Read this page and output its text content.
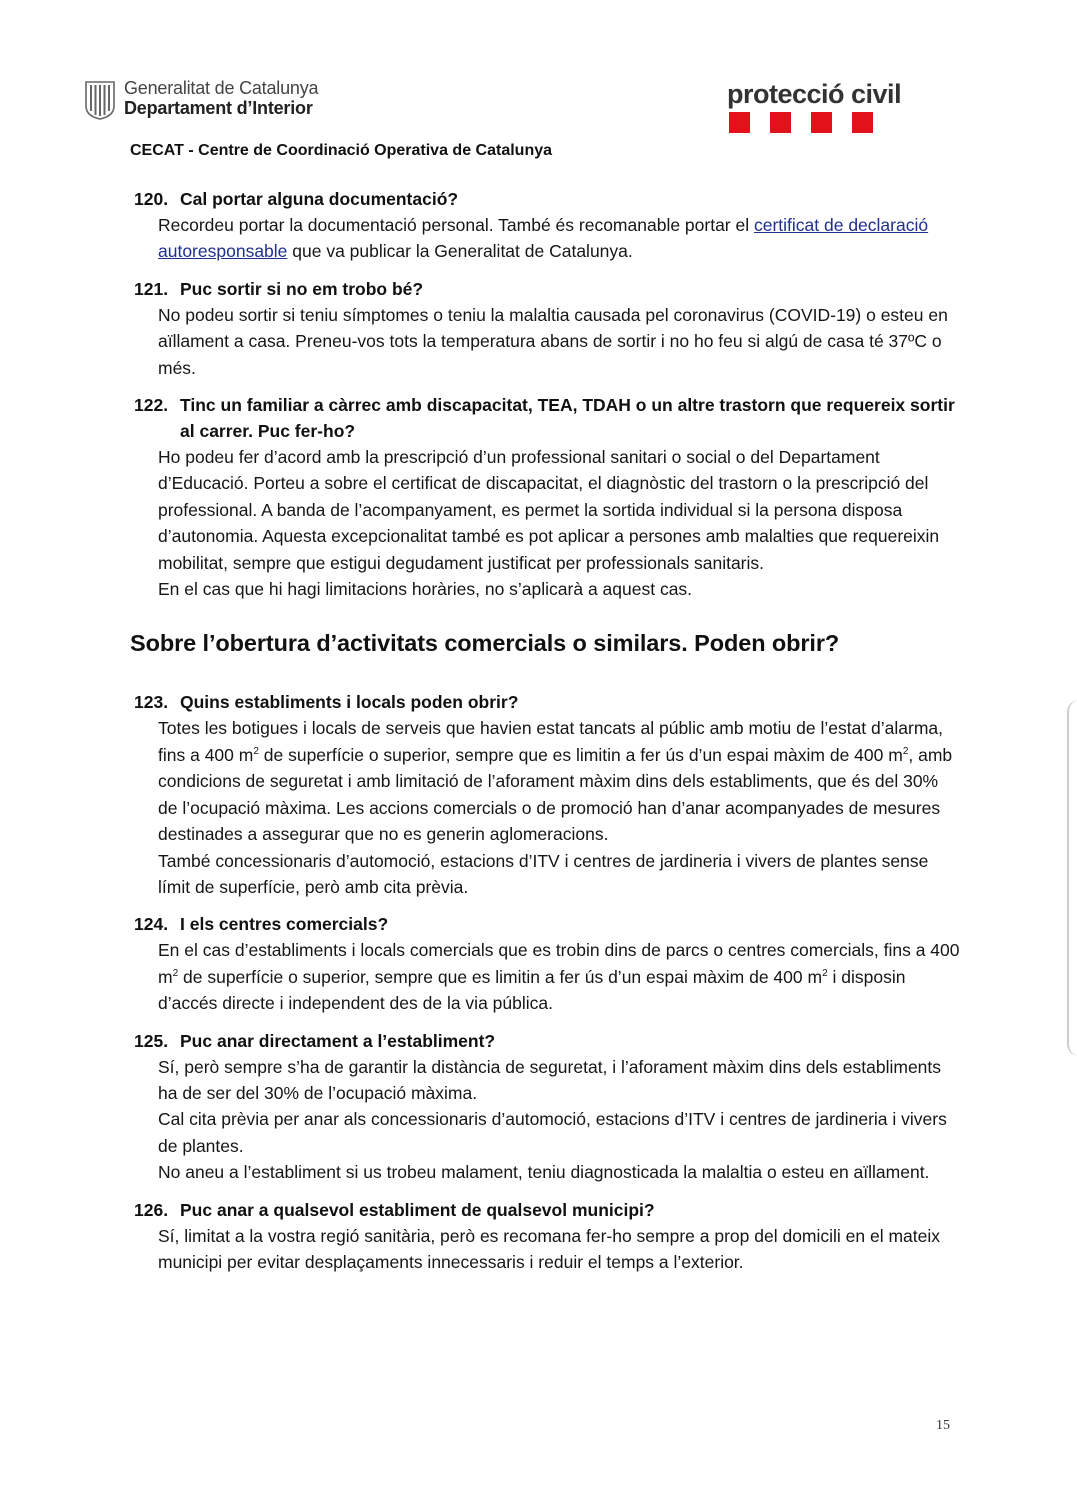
Generalitat de Catalunya
Departament d’Interior	protecció civil
CECAT - Centre de Coordinació Operativa de Catalunya
120. Cal portar alguna documentació?

Recordeu portar la documentació personal. També és recomanable portar el certificat de declaració autoresponsable que va publicar la Generalitat de Catalunya.

121. Puc sortir si no em trobo bé?

No podeu sortir si teniu símptomes o teniu la malaltia causada pel coronavirus (COVID-19) o esteu en aïllament a casa. Preneu-vos tots la temperatura abans de sortir i no ho feu si algú de casa té 37ºC o més.

122. Tinc un familiar a càrrec amb discapacitat, TEA, TDAH o un altre trastorn que requereix sortir al carrer. Puc fer-ho?

Ho podeu fer d’acord amb la prescripció d’un professional sanitari o social o del Departament d’Educació. Porteu a sobre el certificat de discapacitat, el diagnòstic del trastorn o la prescripció del professional. A banda de l’acompanyament, es permet la sortida individual si la persona disposa d’autonomia. Aquesta excepcionalitat també es pot aplicar a persones amb malalties que requereixin mobilitat, sempre que estigui degudament justificat per professionals sanitaris.

En el cas que hi hagi limitacions horàries, no s’aplicarà a aquest cas.

Sobre l’obertura d’activitats comercials o similars. Poden obrir?
123. Quins establiments i locals poden obrir?

Totes les botigues i locals de serveis que havien estat tancats al públic amb motiu de l’estat d’alarma, fins a 400 $m^2$ de superfície o superior, sempre que es limitin a fer ús d’un espai màxim de 400 $m^2$, amb condicions de seguretat i amb limitació de l’aforament màxim dins dels establiments, que és del 30% de l’ocupació màxima. Les accions comercials o de promoció han d’anar acompanyades de mesures destinades a assegurar que no es generin aglomeracions.

També concessionaris d’automoció, estacions d’ITV i centres de jardineria i vivers de plantes sense límit de superfície, però amb cita prèvia.

124. I els centres comercials?

En el cas d’establiments i locals comercials que es trobin dins de parcs o centres comercials, fins a 400 $m^2$ de superfície o superior, sempre que es limitin a fer ús d’un espai màxim de 400 $m^2$ i disposin d’accés directe i independent des de la via pública.

125. Puc anar directament a l’establiment?

Sí, però sempre s’ha de garantir la distància de seguretat, i l’aforament màxim dins dels establiments ha de ser del 30% de l’ocupació màxima.

Cal cita prèvia per anar als concessionaris d’automoció, estacions d’ITV i centres de jardineria i vivers de plantes.

No aneu a l’establiment si us trobeu malament, teniu diagnosticada la malaltia o esteu en aïllament.

126. Puc anar a qualsevol establiment de qualsevol municipi?

Sí, limitat a la vostra regió sanitària, però es recomana fer-ho sempre a prop del domicili en el mateix municipi per evitar desplaçaments innecessaris i reduir el temps a l’exterior.

15
